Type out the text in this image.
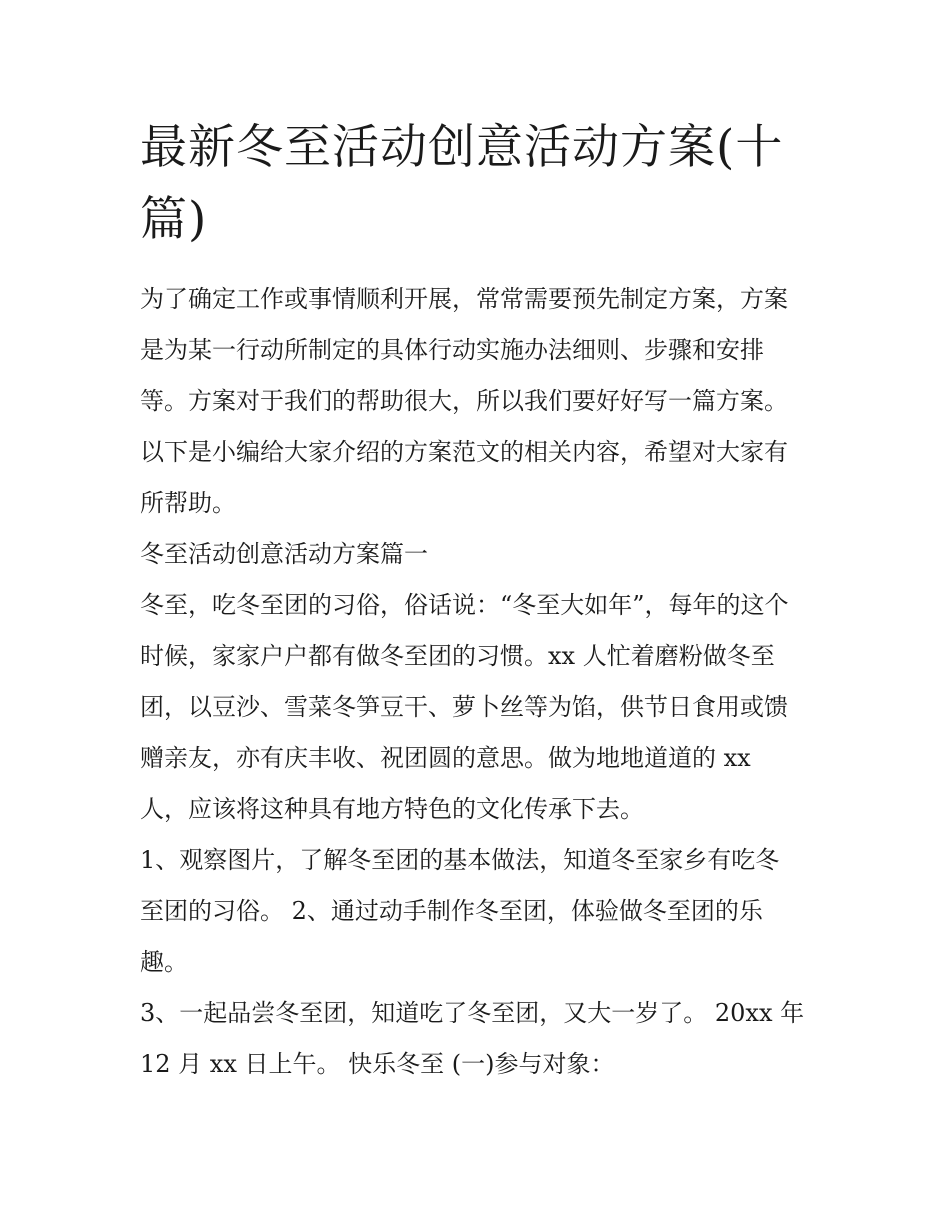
最新冬至活动创意活动方案(十
篇)

为了确定工作或事情顺利开展，常常需要预先制定方案，方案
是为某一行动所制定的具体行动实施办法细则、步骤和安排
等。方案对于我们的帮助很大，所以我们要好好写一篇方案。
以下是小编给大家介绍的方案范文的相关内容，希望对大家有
所帮助。

冬至活动创意活动方案篇一

冬至，吃冬至团的习俗，俗话说：“冬至大如年”，每年的这个
时候，家家户户都有做冬至团的习惯。xx 人忙着磨粉做冬至
团，以豆沙、雪菜冬笋豆干、萝卜丝等为馅，供节日食用或馈
赠亲友，亦有庆丰收、祝团圆的意思。做为地地道道的 xx
人，应该将这种具有地方特色的文化传承下去。
1、观察图片，了解冬至团的基本做法，知道冬至家乡有吃冬
至团的习俗。 2、通过动手制作冬至团，体验做冬至团的乐
趣。
3、一起品尝冬至团，知道吃了冬至团，又大一岁了。 20xx 年
12 月 xx 日上午。 快乐冬至 (一)参与对象：
